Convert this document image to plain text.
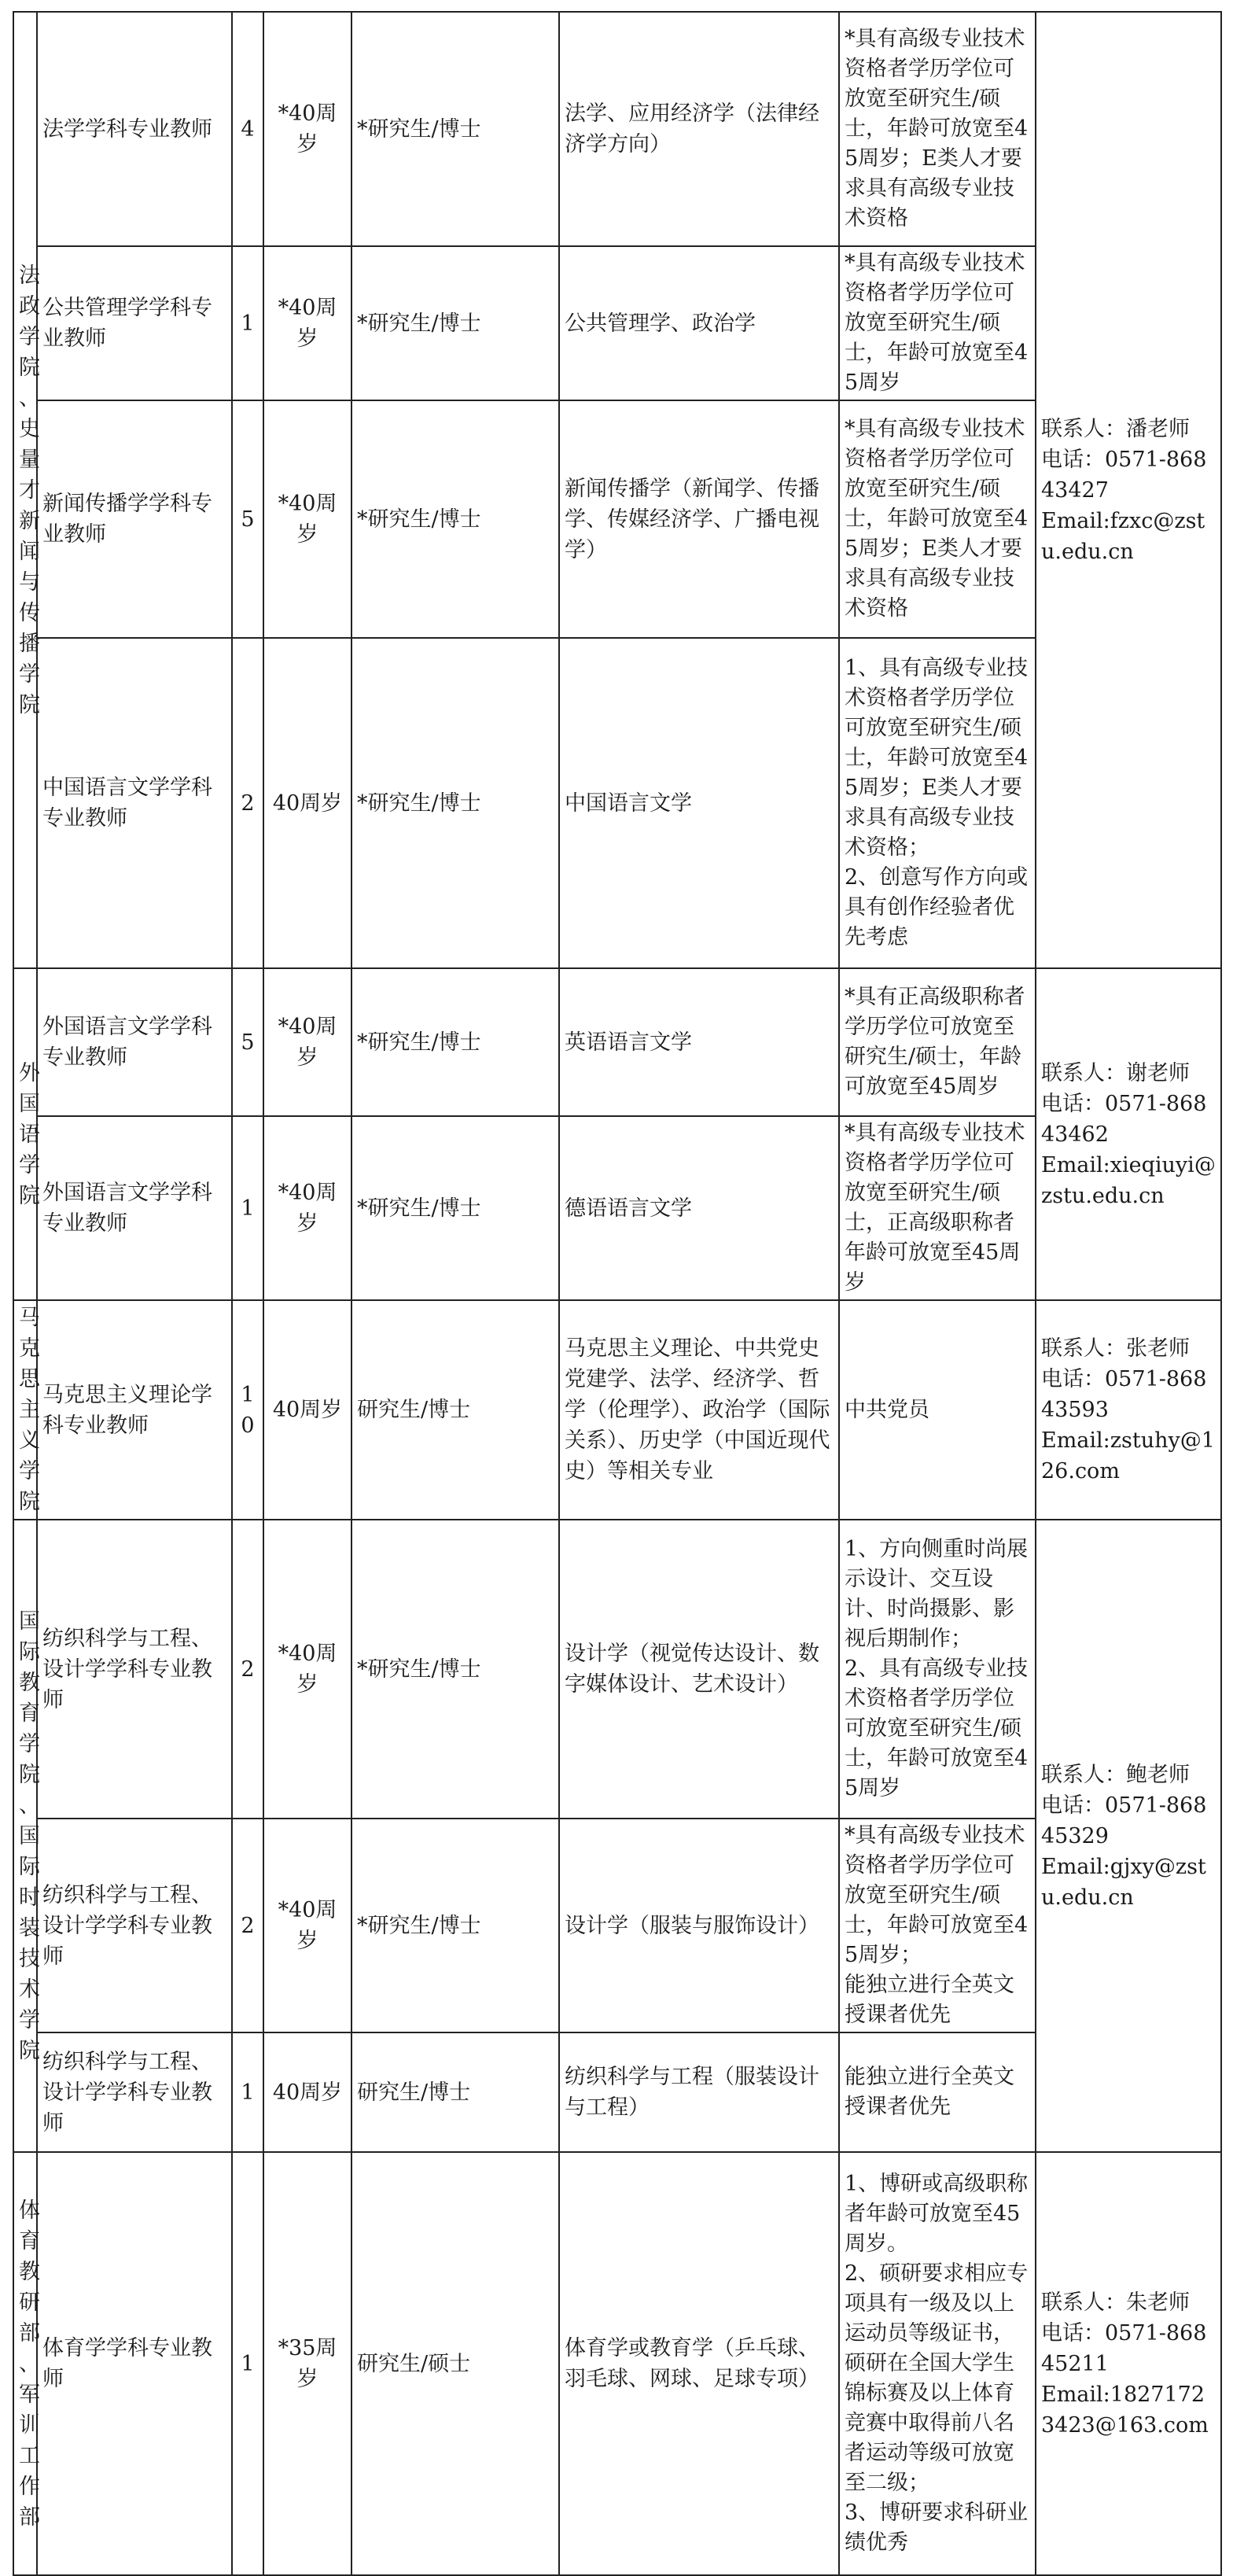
法政学院、史量才新闻与传播学院	法学学科专业教师	4	*40周岁	*研究生/博士	法学、应用经济学（法律经济学方向）	*具有高级专业技术资格者学历学位可放宽至研究生/硕士，年龄可放宽至45周岁；E类人才要求具有高级专业技术资格	联系人：潘老师
电话：0571-86843427
Email:fzxc@zstu.edu.cn
	公共管理学学科专业教师	1	*40周岁	*研究生/博士	公共管理学、政治学	*具有高级专业技术资格者学历学位可放宽至研究生/硕士，年龄可放宽至45周岁	
	新闻传播学学科专业教师	5	*40周岁	*研究生/博士	新闻传播学（新闻学、传播学、传媒经济学、广播电视学）	*具有高级专业技术资格者学历学位可放宽至研究生/硕士，年龄可放宽至45周岁；E类人才要求具有高级专业技术资格	
	中国语言文学学科专业教师	2	40周岁	*研究生/博士	中国语言文学	1、具有高级专业技术资格者学历学位可放宽至研究生/硕士，年龄可放宽至45周岁；E类人才要求具有高级专业技术资格；
2、创意写作方向或具有创作经验者优先考虑	
外国语学院	外国语言文学学科专业教师	5	*40周岁	*研究生/博士	英语语言文学	*具有正高级职称者学历学位可放宽至研究生/硕士，年龄可放宽至45周岁	联系人：谢老师
电话：0571-86843462
Email:xieqiuyi@zstu.edu.cn
	外国语言文学学科专业教师	1	*40周岁	*研究生/博士	德语语言文学	*具有高级专业技术资格者学历学位可放宽至研究生/硕士，正高级职称者年龄可放宽至45周岁	
马克思主义学院	马克思主义理论学科专业教师	10	40周岁	研究生/博士	马克思主义理论、中共党史党建学、法学、经济学、哲学（伦理学）、政治学（国际关系）、历史学（中国近现代史）等相关专业	中共党员	联系人：张老师
电话：0571-86843593
Email:zstuhy@126.com
国际教育学院、国际时装技术学院	纺织科学与工程、设计学学科专业教师	2	*40周岁	*研究生/博士	设计学（视觉传达设计、数字媒体设计、艺术设计）	1、方向侧重时尚展示设计、交互设计、时尚摄影、影视后期制作；
2、具有高级专业技术资格者学历学位可放宽至研究生/硕士，年龄可放宽至45周岁	联系人：鲍老师
电话：0571-86845329
Email:gjxy@zstu.edu.cn
	纺织科学与工程、设计学学科专业教师	2	*40周岁	*研究生/博士	设计学（服装与服饰设计）	*具有高级专业技术资格者学历学位可放宽至研究生/硕士，年龄可放宽至45周岁；
能独立进行全英文授课者优先	
	纺织科学与工程、设计学学科专业教师	1	40周岁	研究生/博士	纺织科学与工程（服装设计与工程）	能独立进行全英文授课者优先	
体育教研部、军训工作部	体育学学科专业教师	1	*35周岁	研究生/硕士	体育学或教育学（乒乓球、羽毛球、网球、足球专项）	1、博研或高级职称者年龄可放宽至45周岁。
2、硕研要求相应专项具有一级及以上运动员等级证书，硕研在全国大学生锦标赛及以上体育竞赛中取得前八名者运动等级可放宽至二级；
3、博研要求科研业绩优秀	联系人：朱老师
电话：0571-86845211
Email:18271723423@163.com
